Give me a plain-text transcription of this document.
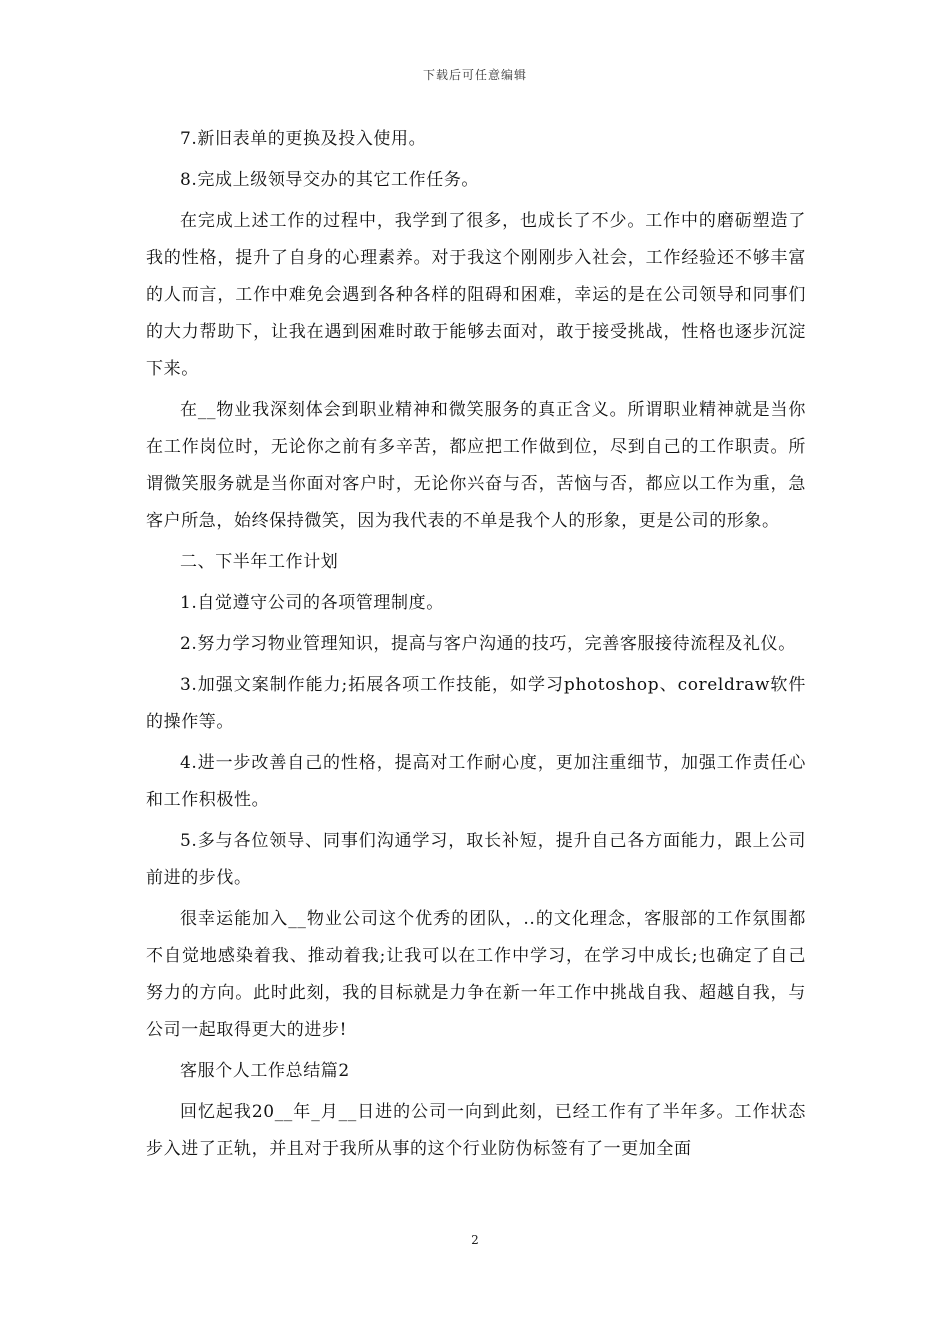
下载后可任意编辑

7.新旧表单的更换及投入使用。

8.完成上级领导交办的其它工作任务。

在完成上述工作的过程中，我学到了很多，也成长了不少。工作中的磨砺塑造了我的性格，提升了自身的心理素养。对于我这个刚刚步入社会，工作经验还不够丰富的人而言，工作中难免会遇到各种各样的阻碍和困难，幸运的是在公司领导和同事们的大力帮助下，让我在遇到困难时敢于能够去面对，敢于接受挑战，性格也逐步沉淀下来。

在__物业我深刻体会到职业精神和微笑服务的真正含义。所谓职业精神就是当你在工作岗位时，无论你之前有多辛苦，都应把工作做到位，尽到自己的工作职责。所谓微笑服务就是当你面对客户时，无论你兴奋与否，苦恼与否，都应以工作为重，急客户所急，始终保持微笑，因为我代表的不单是我个人的形象，更是公司的形象。

二、下半年工作计划

1.自觉遵守公司的各项管理制度。

2.努力学习物业管理知识，提高与客户沟通的技巧，完善客服接待流程及礼仪。

3.加强文案制作能力;拓展各项工作技能，如学习photoshop、coreldraw软件的操作等。

4.进一步改善自己的性格，提高对工作耐心度，更加注重细节，加强工作责任心和工作积极性。

5.多与各位领导、同事们沟通学习，取长补短，提升自己各方面能力，跟上公司前进的步伐。

很幸运能加入__物业公司这个优秀的团队，..的文化理念，客服部的工作氛围都不自觉地感染着我、推动着我;让我可以在工作中学习，在学习中成长;也确定了自己努力的方向。此时此刻，我的目标就是力争在新一年工作中挑战自我、超越自我，与公司一起取得更大的进步!

客服个人工作总结篇2

回忆起我20__年_月__日进的公司一向到此刻，已经工作有了半年多。工作状态步入进了正轨，并且对于我所从事的这个行业防伪标签有了一更加全面

2
